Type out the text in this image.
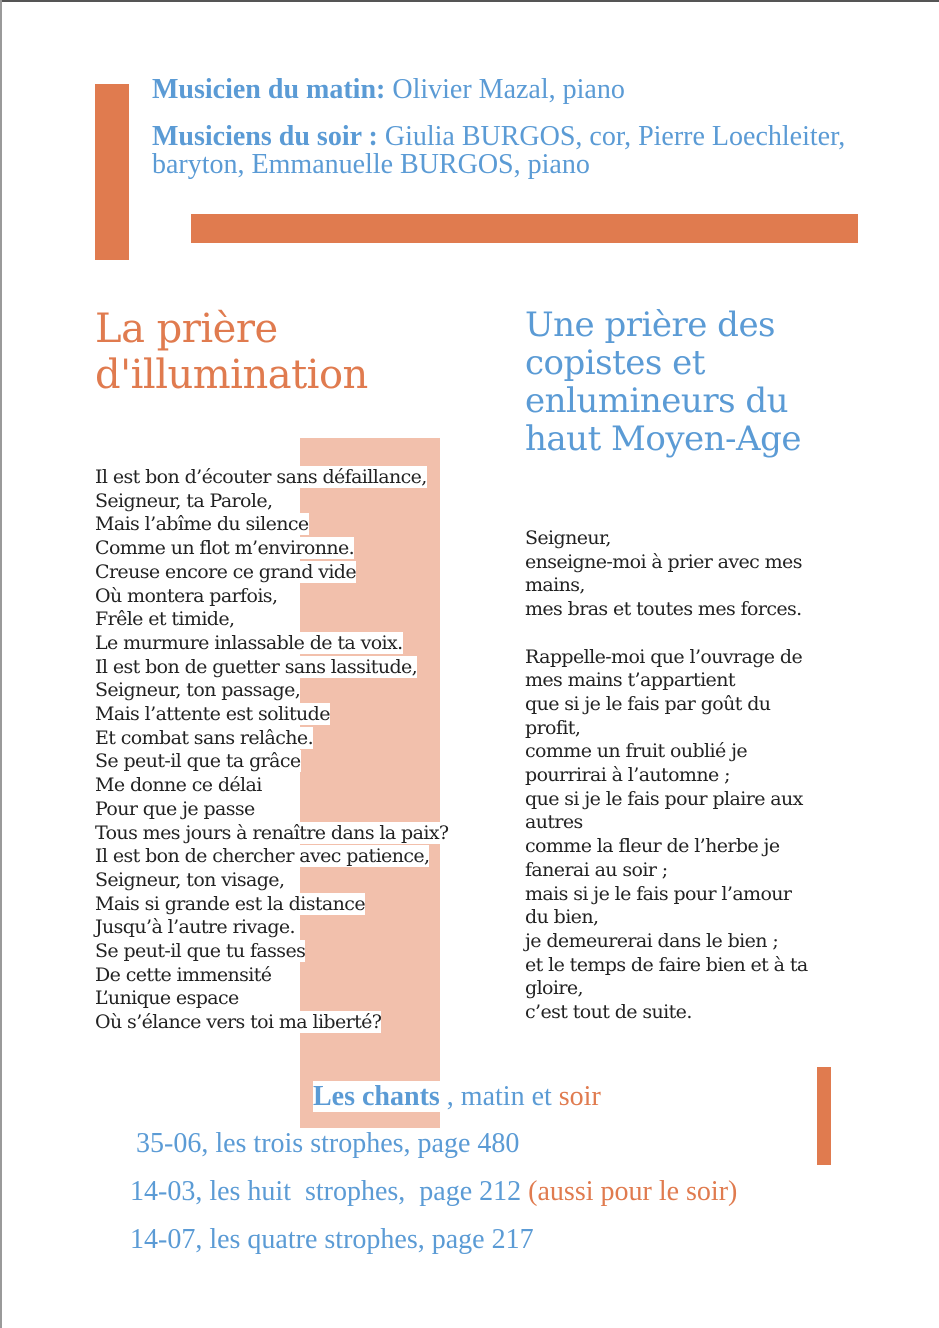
Musicien du matin: Olivier Mazal, piano

Musiciens du soir : Giulia BURGOS, cor, Pierre Loechleiter, baryton, Emmanuelle BURGOS, piano

La prière
d'illumination
Une prière des
copistes et
enlumineurs du
haut Moyen-Age
Il est bon d’écouter sans défaillance,
Seigneur, ta Parole,
Mais l’abîme du silence
Comme un flot m’environne.
Creuse encore ce grand vide
Où montera parfois,
Frêle et timide,
Le murmure inlassable de ta voix.
Il est bon de guetter sans lassitude,
Seigneur, ton passage,
Mais l’attente est solitude
Et combat sans relâche.
Se peut-il que ta grâce
Me donne ce délai
Pour que je passe
Tous mes jours à renaître dans la paix?
Il est bon de chercher avec patience,
Seigneur, ton visage,
Mais si grande est la distance
Jusqu’à l’autre rivage.
Se peut-il que tu fasses
De cette immensité
L’unique espace
Où s’élance vers toi ma liberté?
Seigneur,
enseigne-moi à prier avec mes
mains,
mes bras et toutes mes forces.
Rappelle-moi que l’ouvrage de
mes mains t’appartient
que si je le fais par goût du
profit,
comme un fruit oublié je
pourrirai à l’automne ;
que si je le fais pour plaire aux
autres
comme la fleur de l’herbe je
fanerai au soir ;
mais si je le fais pour l’amour
du bien,
je demeurerai dans le bien ;
et le temps de faire bien et à ta
gloire,
c’est tout de suite.
Les chants , matin et soir
35-06, les trois strophes, page 480
14-03, les huit  strophes,  page 212 (aussi pour le soir)
14-07, les quatre strophes, page 217
